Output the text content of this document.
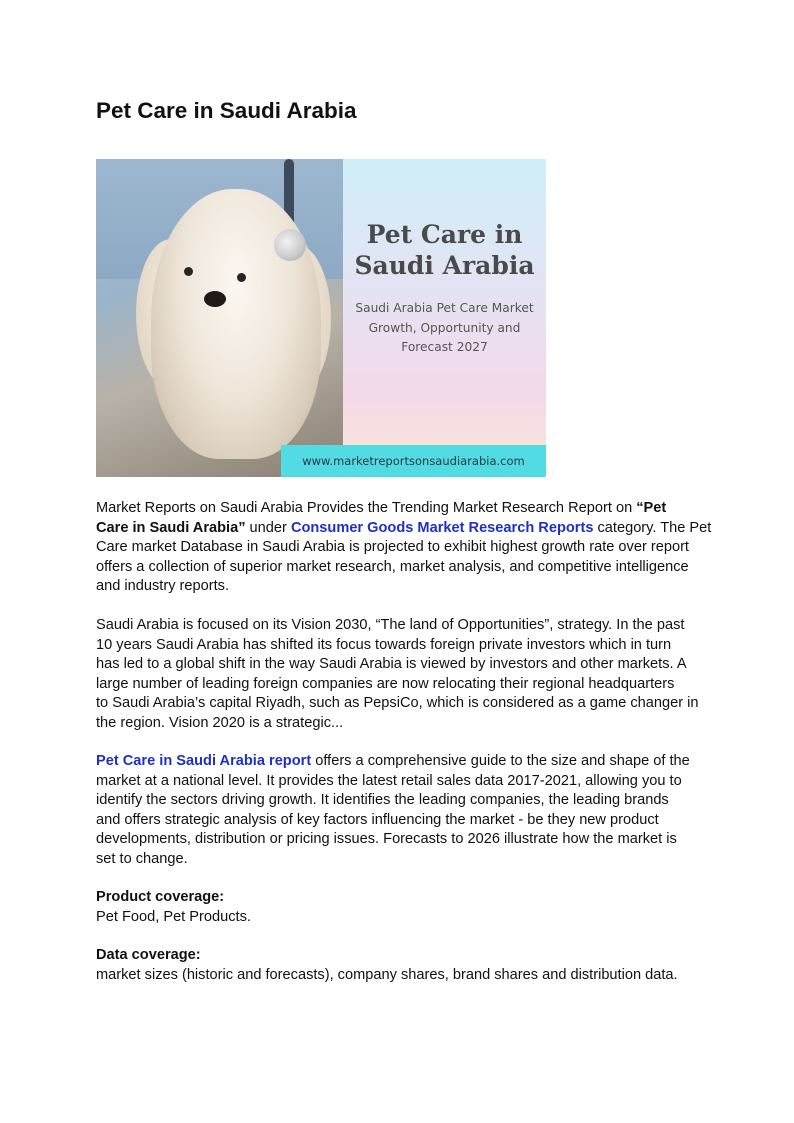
Pet Care in Saudi Arabia
Pet Care in
Saudi Arabia
Saudi Arabia Pet Care Market
Growth, Opportunity and
Forecast 2027
www.marketreportsonsaudiarabia.com
Market Reports on Saudi Arabia Provides the Trending Market Research Report on “Pet
Care in Saudi Arabia” under Consumer Goods Market Research Reports category. The Pet
Care market Database in Saudi Arabia is projected to exhibit highest growth rate over report
offers a collection of superior market research, market analysis, and competitive intelligence
and industry reports.
Saudi Arabia is focused on its Vision 2030, “The land of Opportunities”, strategy. In the past
10 years Saudi Arabia has shifted its focus towards foreign private investors which in turn
has led to a global shift in the way Saudi Arabia is viewed by investors and other markets. A
large number of leading foreign companies are now relocating their regional headquarters
to Saudi Arabia’s capital Riyadh, such as PepsiCo, which is considered as a game changer in
the region. Vision 2020 is a strategic...
Pet Care in Saudi Arabia report offers a comprehensive guide to the size and shape of the
market at a national level. It provides the latest retail sales data 2017-2021, allowing you to
identify the sectors driving growth. It identifies the leading companies, the leading brands
and offers strategic analysis of key factors influencing the market - be they new product
developments, distribution or pricing issues. Forecasts to 2026 illustrate how the market is
set to change.
Product coverage:
Pet Food, Pet Products.
Data coverage:
market sizes (historic and forecasts), company shares, brand shares and distribution data.
